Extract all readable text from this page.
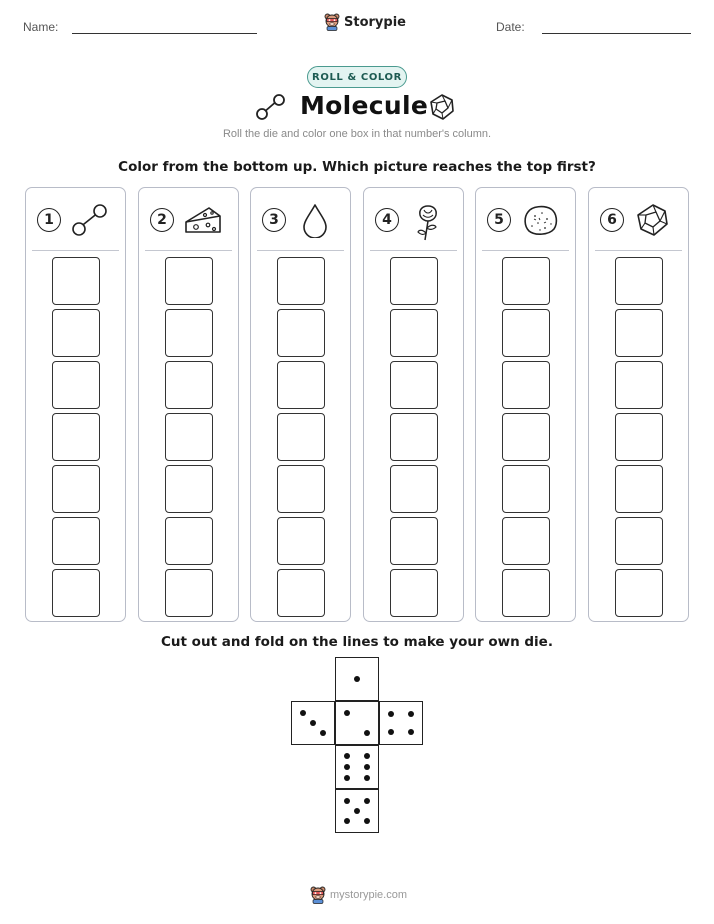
Name:	Storypie	Date:
ROLL & COLOR
Molecule
Roll the die and color one box in that number's column.
Color from the bottom up. Which picture reaches the top first?
1	2	3	4	5	6
Cut out and fold on the lines to make your own die.
mystorypie.com
